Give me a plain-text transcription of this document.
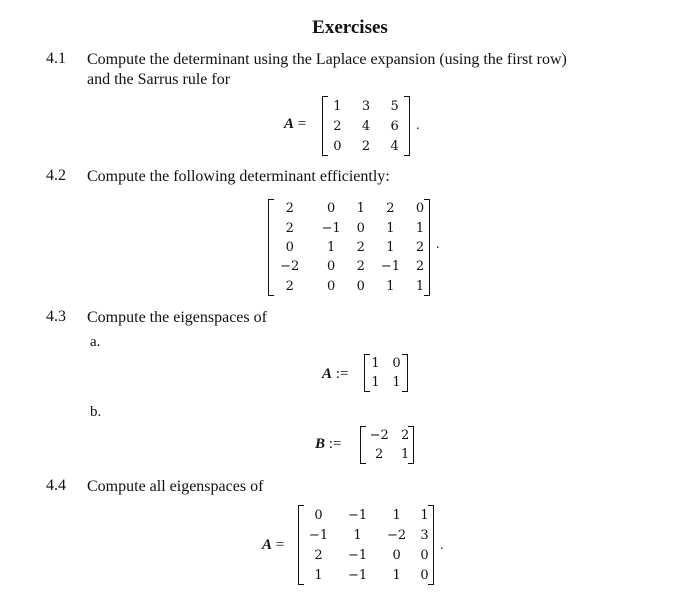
Exercises
4.1 Compute the determinant using the Laplace expansion (using the first row)
and the Sarrus rule for
A =
1	3	5
2	4	6
0	2	4
.
4.2 Compute the following determinant efficiently:
2	0	1	2	0
2	−1	0	1	1
0	1	2	1	2
−2	0	2	−1	2
2	0	0	1	1
.
4.3 Compute the eigenspaces of
a.
A :=
1	0
1	1
b.
B :=
−2	2
2	1
4.4 Compute all eigenspaces of
A =
0	−1	1	1
−1	1	−2	3
2	−1	0	0
1	−1	1	0
.
